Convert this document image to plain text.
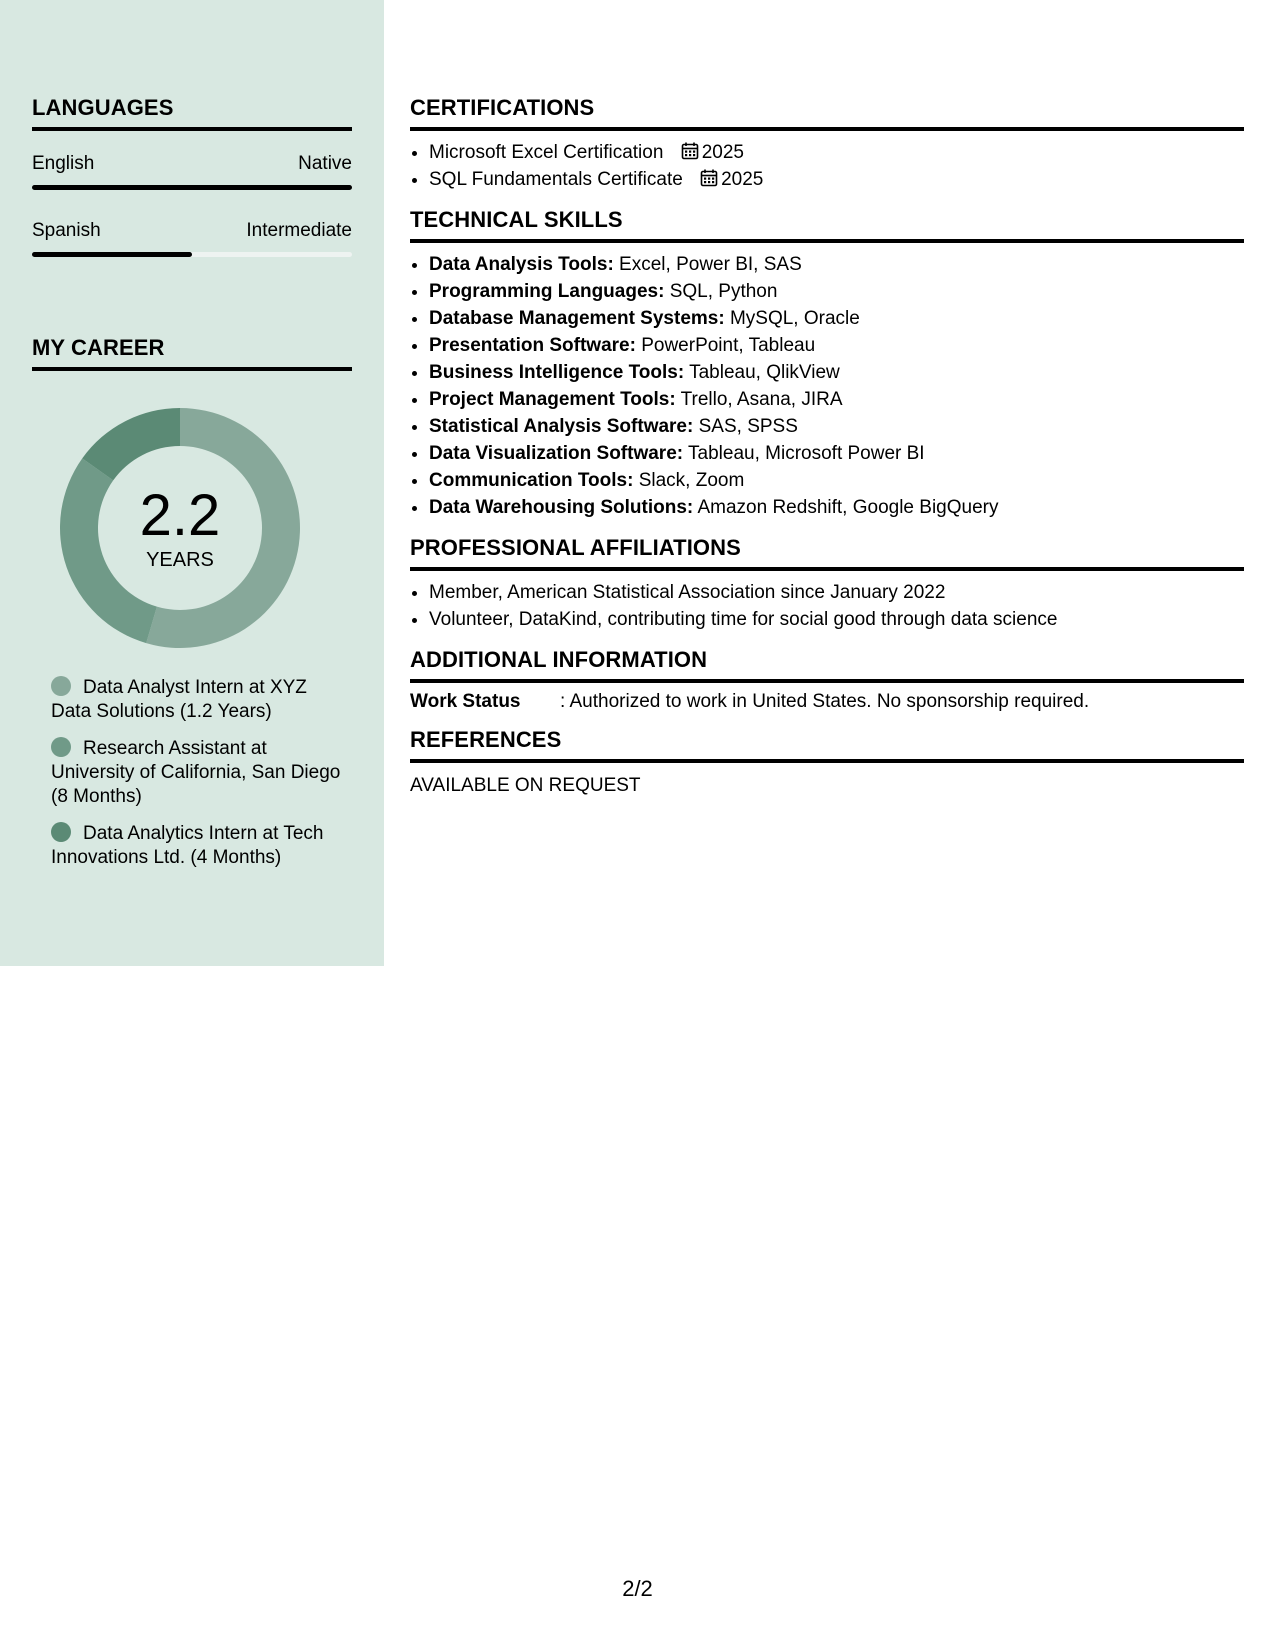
LANGUAGES
English	Native
Spanish	Intermediate
MY CAREER
2.2
YEARS
Data Analyst Intern at XYZ Data Solutions (1.2 Years)
Research Assistant at University of California, San Diego (8 Months)
Data Analytics Intern at Tech Innovations Ltd. (4 Months)
CERTIFICATIONS
• Microsoft Excel Certification 2025
• SQL Fundamentals Certificate 2025
TECHNICAL SKILLS
• Data Analysis Tools: Excel, Power BI, SAS
• Programming Languages: SQL, Python
• Database Management Systems: MySQL, Oracle
• Presentation Software: PowerPoint, Tableau
• Business Intelligence Tools: Tableau, QlikView
• Project Management Tools: Trello, Asana, JIRA
• Statistical Analysis Software: SAS, SPSS
• Data Visualization Software: Tableau, Microsoft Power BI
• Communication Tools: Slack, Zoom
• Data Warehousing Solutions: Amazon Redshift, Google BigQuery
PROFESSIONAL AFFILIATIONS
• Member, American Statistical Association since January 2022
• Volunteer, DataKind, contributing time for social good through data science
ADDITIONAL INFORMATION
Work Status	: Authorized to work in United States. No sponsorship required.
REFERENCES
AVAILABLE ON REQUEST
2/2
